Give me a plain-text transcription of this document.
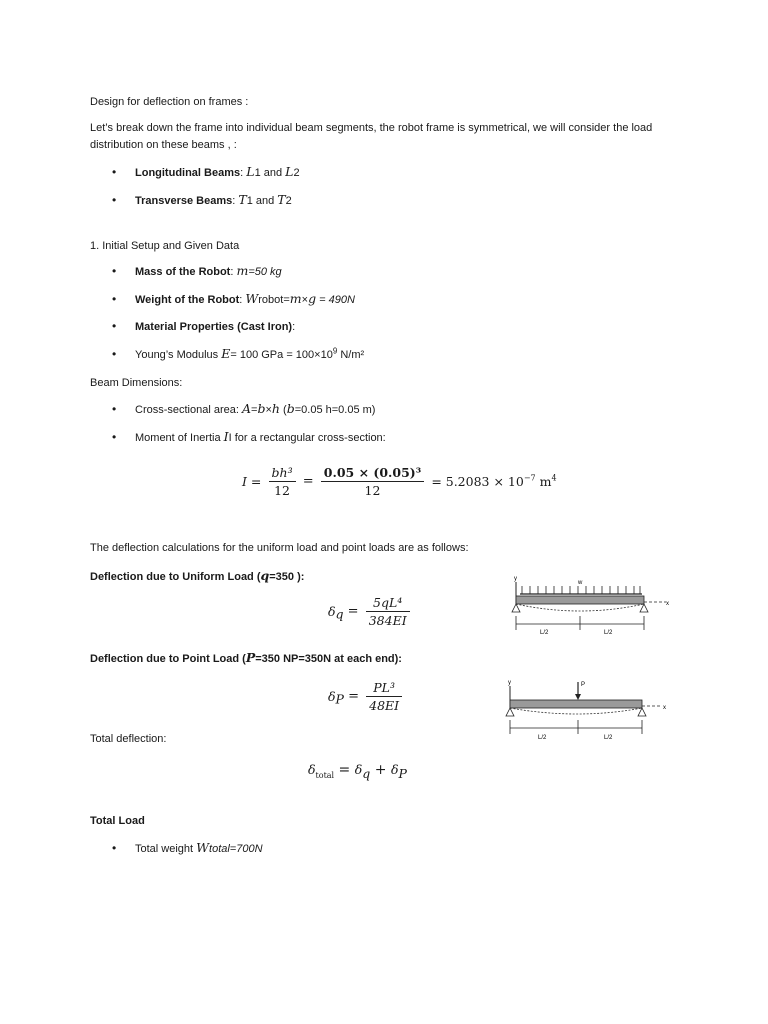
Design for deflection on frames :
Let’s break down the frame into individual beam segments, the robot frame is symmetrical, we will consider the load distribution on these beams , :
• Longitudinal Beams: L1 and L2
• Transverse Beams: T1 and T2
1. Initial Setup and Given Data
• Mass of the Robot: m=50 kg
• Weight of the Robot: Wrobot=m×g = 490N
• Material Properties (Cast Iron):
• Young’s Modulus E= 100 GPa = $100\times 10^9$ N/m²
Beam Dimensions:
• Cross-sectional area: A=b×h (b=0.05 h=0.05 m)
• Moment of Inertia II for a rectangular cross-section:
$I = \frac{\text{bh³}}{12} = \frac{\text{0.05 × (0.05)³}}{12} = 5.2083 \times 10^{-7}$ $m^4$
The deflection calculations for the uniform load and point loads are as follows:
Deflection due to Uniform Load (q=350 ):
$\delta_q = \frac{\text{5qL⁴}}{384EI}$
y
w
x
L/2	L/2
Deflection due to Point Load (P=350 NP=350N at each end):
$\delta_P = \frac{\text{PL³}}{48EI}$	y	P
x
L/2	L/2
Total deflection:
$\delta_{total} = \delta_q + \delta_P$
Total Load
• Total weight Wtotal=700N
